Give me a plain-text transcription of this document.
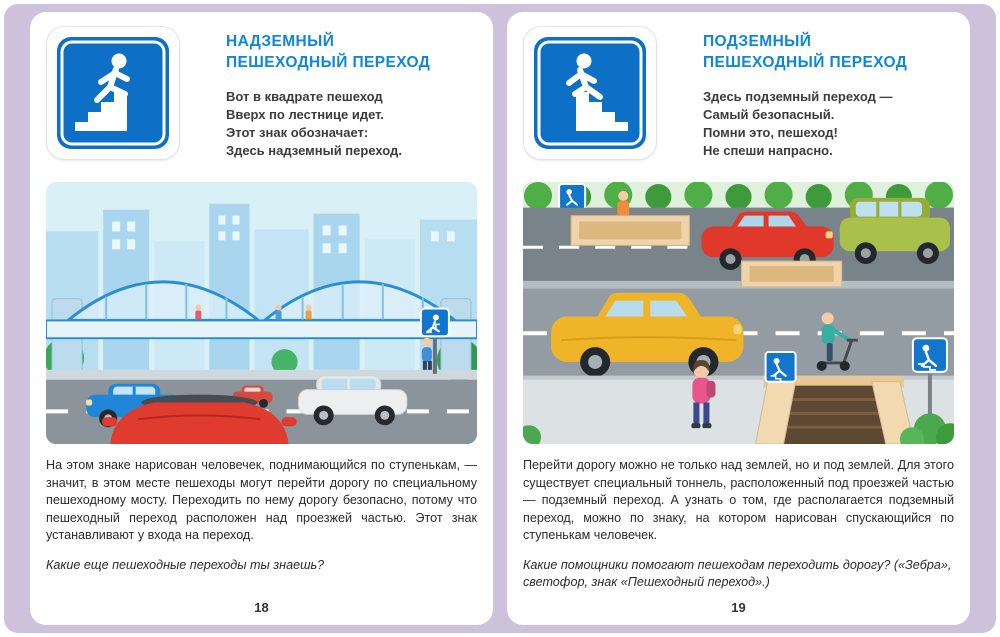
НАДЗЕМНЫЙ
ПЕШЕХОДНЫЙ ПЕРЕХОД
Вот в квадрате пешеход
Вверх по лестнице идет.
Этот знак обозначает:
Здесь надземный переход.

На этом знаке нарисован человечек, поднимающийся по ступенькам, — значит, в этом месте пешеходы могут перейти дорогу по специальному пешеходному мосту. Переходить по нему дорогу безопасно, потому что пешеходный переход расположен над проезжей частью. Этот знак устанавливают у входа на переход.

Какие еще пешеходные переходы ты знаешь?

18
ПОДЗЕМНЫЙ
ПЕШЕХОДНЫЙ ПЕРЕХОД
Здесь подземный переход —
Самый безопасный.
Помни это, пешеход!
Не спеши напрасно.

Перейти дорогу можно не только над землей, но и под землей. Для этого существует специальный тоннель, расположенный под проезжей частью — подземный переход. А узнать о том, где располагается подземный переход, можно по знаку, на котором нарисован спускающийся по ступенькам человечек.

Какие помощники помогают пешеходам переходить дорогу? («Зебра», светофор, знак «Пешеходный переход».)

19
